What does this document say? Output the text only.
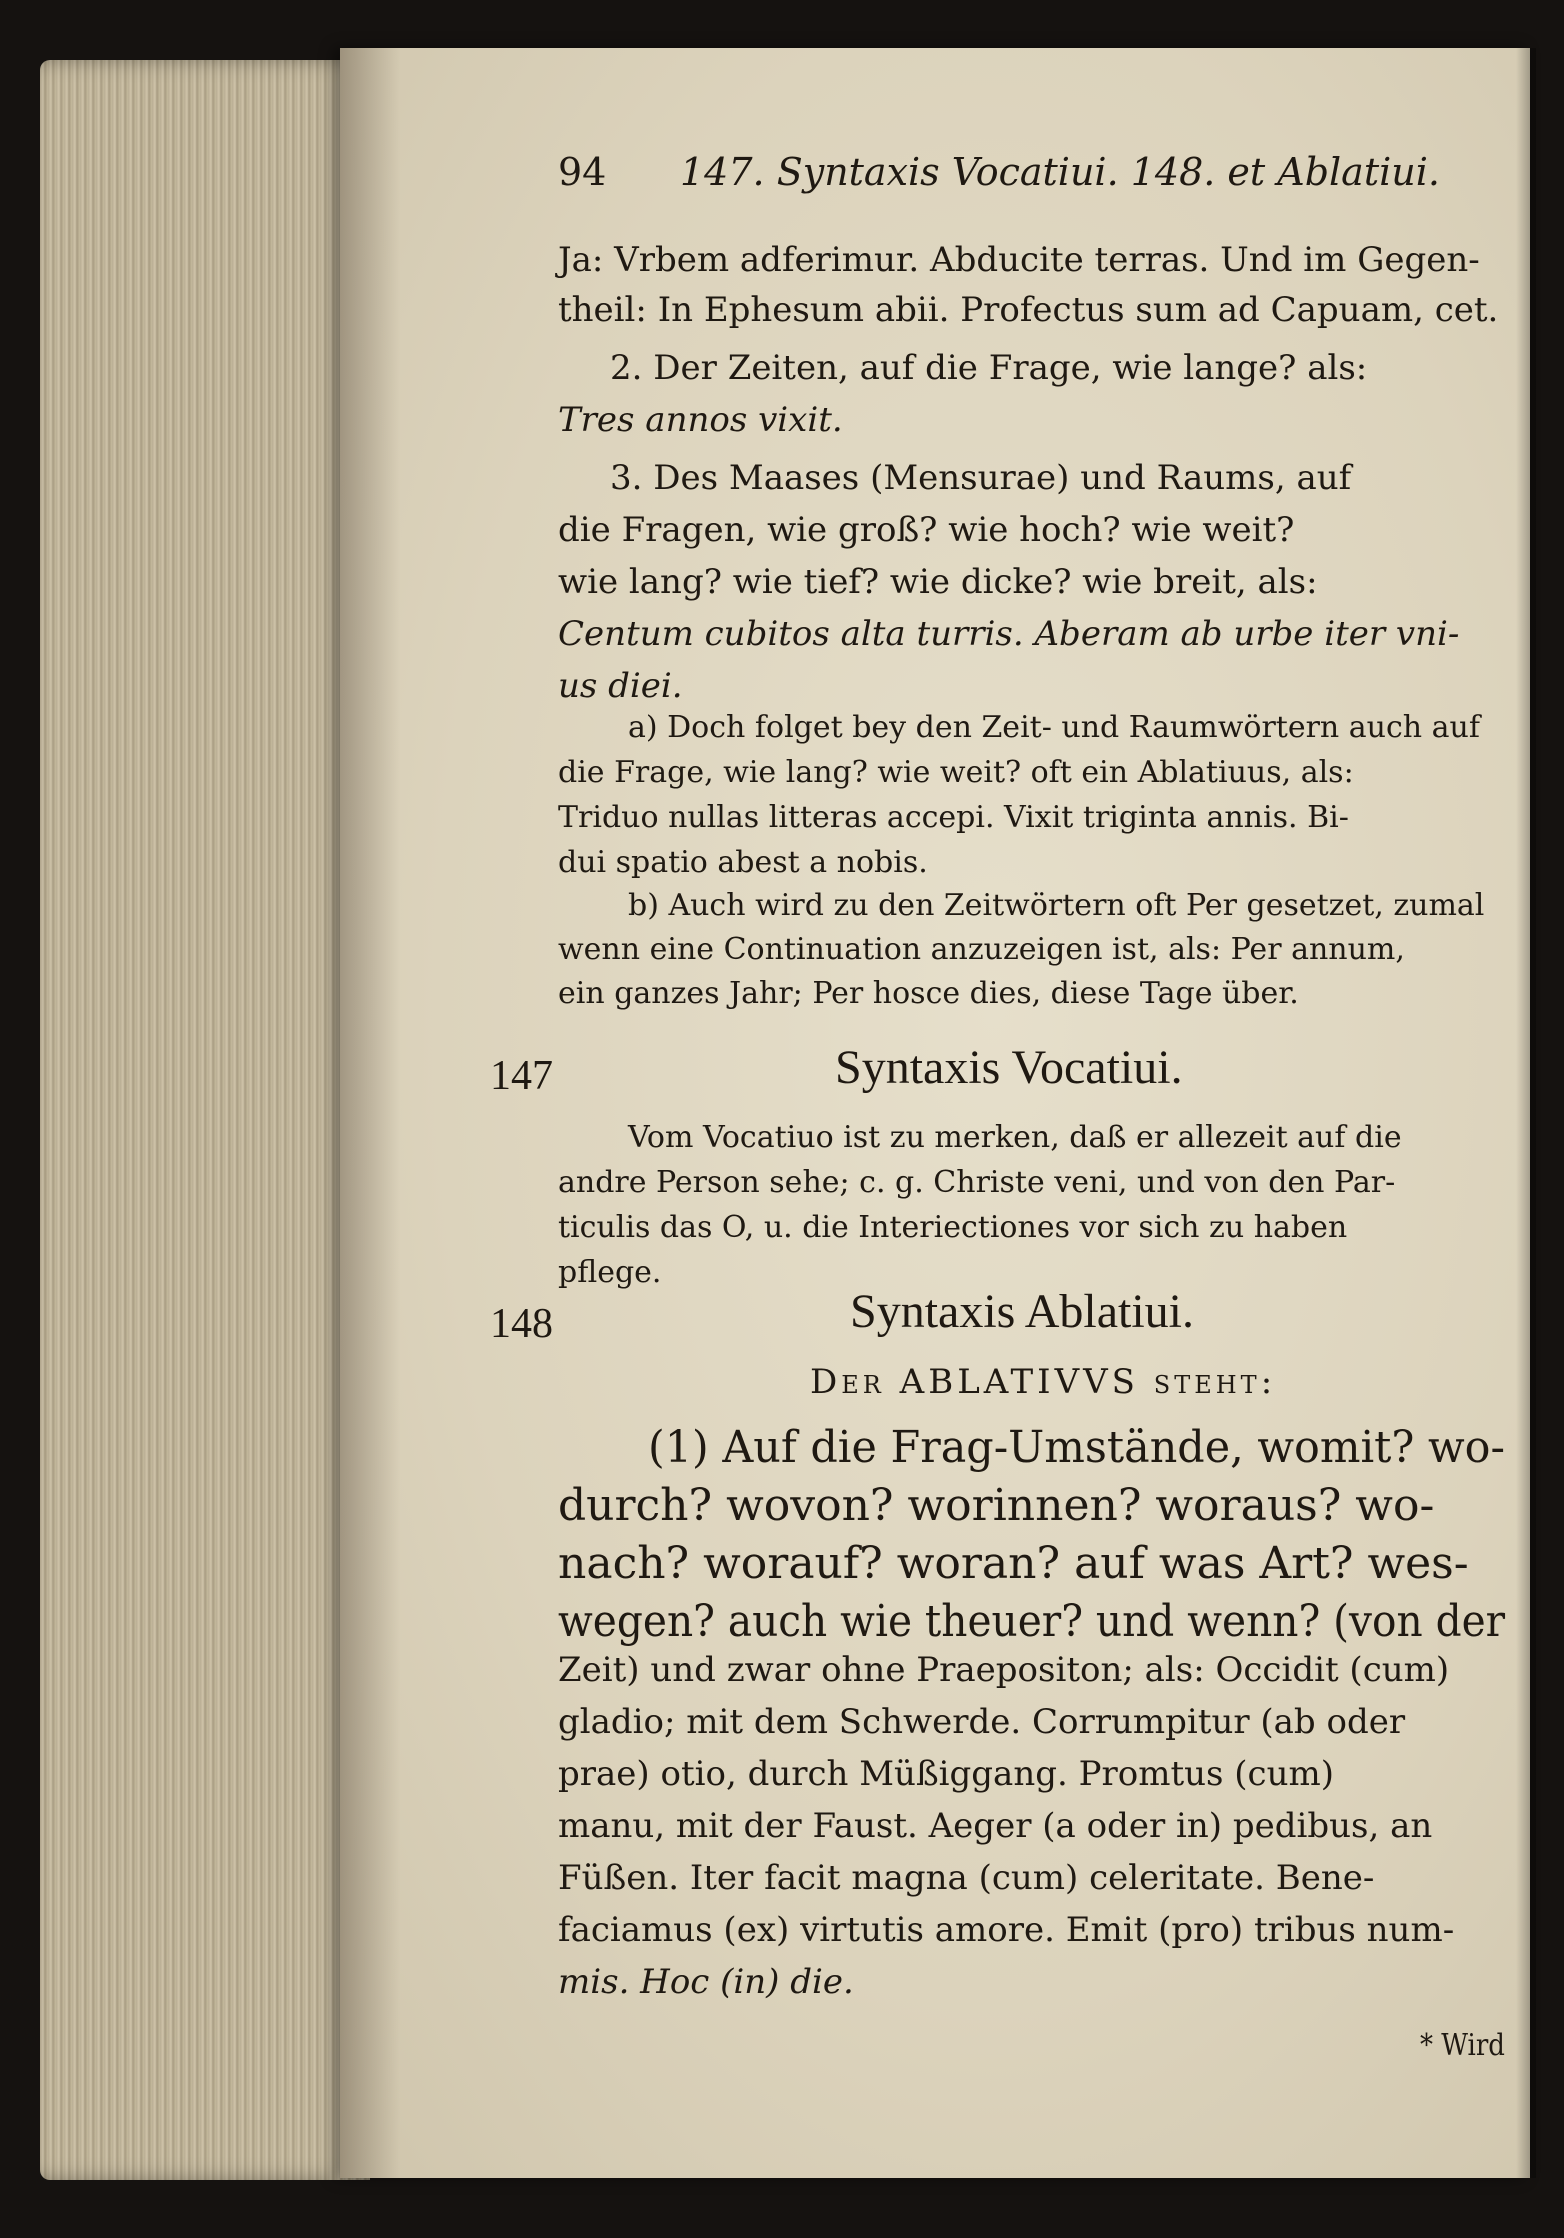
94 147. Syntaxis Vocatiui. 148. et Ablatiui.
Ja: Vrbem adferimur. Abducite terras. Und im Gegen-
theil: In Ephesum abii. Profectus sum ad Capuam, cet.
2. Der Zeiten, auf die Frage, wie lange? als:
Tres annos vixit.
3. Des Maases (Mensurae) und Raums, auf
die Fragen, wie groß? wie hoch? wie weit?
wie lang? wie tief? wie dicke? wie breit, als:
Centum cubitos alta turris. Aberam ab urbe iter vni-
us diei.
a) Doch folget bey den Zeit- und Raumwörtern auch auf
die Frage, wie lang? wie weit? oft ein Ablatiuus, als:
Triduo nullas litteras accepi. Vixit triginta annis. Bi-
dui spatio abest a nobis.
b) Auch wird zu den Zeitwörtern oft Per gesetzet, zumal
wenn eine Continuation anzuzeigen ist, als: Per annum,
ein ganzes Jahr; Per hosce dies, diese Tage über.
147	Syntaxis Vocatiui.
Vom Vocatiuo ist zu merken, daß er allezeit auf die
andre Person sehe; c. g. Christe veni, und von den Par-
ticulis das O, u. die Interiectiones vor sich zu haben
pflege.
148	Syntaxis Ablatiui.
Der ABLATIVVS steht:
(1) Auf die Frag-Umstände, womit? wo-
durch? wovon? worinnen? woraus? wo-
nach? worauf? woran? auf was Art? wes-
wegen? auch wie theuer? und wenn? (von der
Zeit) und zwar ohne Praepositon; als: Occidit (cum)
gladio; mit dem Schwerde. Corrumpitur (ab oder
prae) otio, durch Müßiggang. Promtus (cum)
manu, mit der Faust. Aeger (a oder in) pedibus, an
Füßen. Iter facit magna (cum) celeritate. Bene-
faciamus (ex) virtutis amore. Emit (pro) tribus num-
mis. Hoc (in) die.
* Wird
